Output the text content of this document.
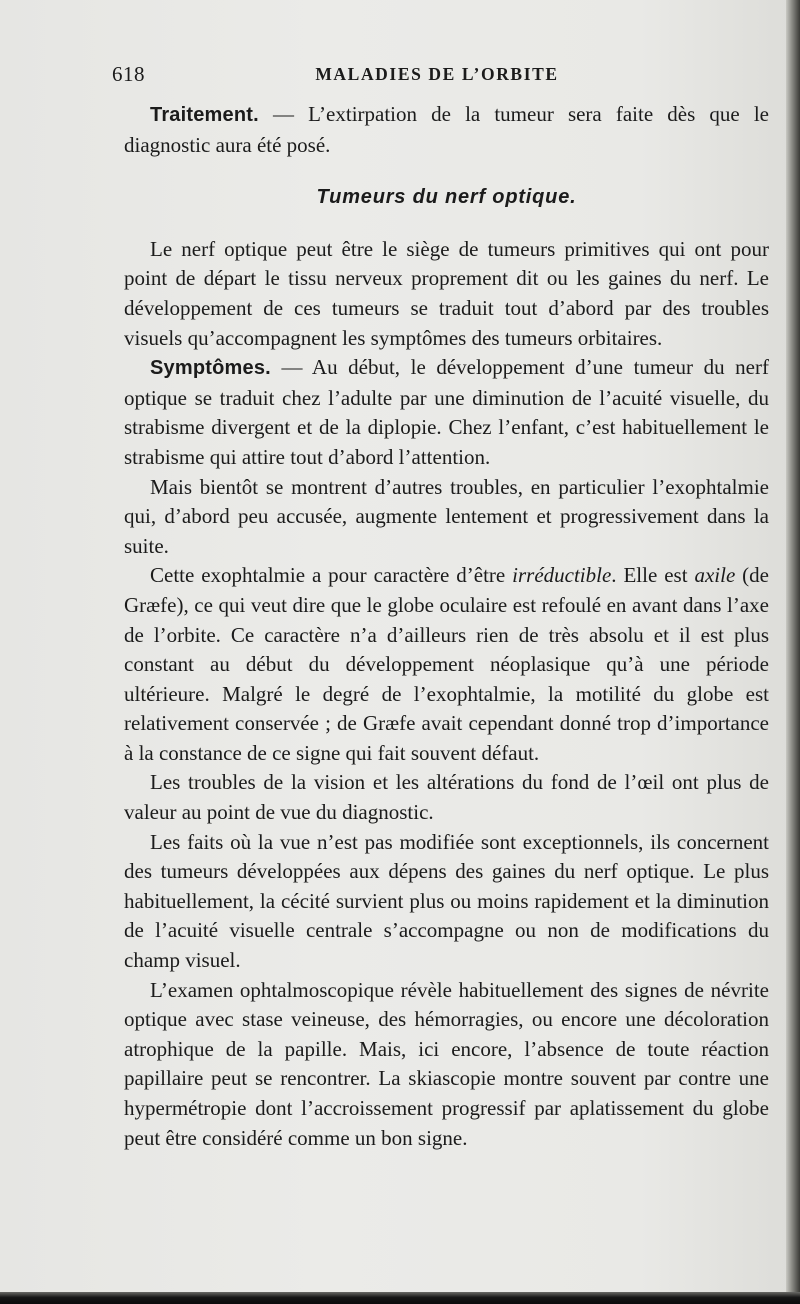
618	MALADIES DE L’ORBITE

Traitement. — L’extirpation de la tumeur sera faite dès que le diagnostic aura été posé.

Tumeurs du nerf optique.

Le nerf optique peut être le siège de tumeurs primitives qui ont pour point de départ le tissu nerveux proprement dit ou les gaines du nerf. Le développement de ces tumeurs se traduit tout d’abord par des troubles visuels qu’accompagnent les symptômes des tumeurs orbitaires.

Symptômes. — Au début, le développement d’une tumeur du nerf optique se traduit chez l’adulte par une diminution de l’acuité visuelle, du strabisme divergent et de la diplopie. Chez l’enfant, c’est habituellement le strabisme qui attire tout d’abord l’attention.

Mais bientôt se montrent d’autres troubles, en particulier l’exophtalmie qui, d’abord peu accusée, augmente lentement et progressivement dans la suite.

Cette exophtalmie a pour caractère d’être irréductible. Elle est axile (de Græfe), ce qui veut dire que le globe oculaire est refoulé en avant dans l’axe de l’orbite. Ce caractère n’a d’ailleurs rien de très absolu et il est plus constant au début du développement néoplasique qu’à une période ultérieure. Malgré le degré de l’exophtalmie, la motilité du globe est relativement conservée ; de Græfe avait cependant donné trop d’importance à la constance de ce signe qui fait souvent défaut.

Les troubles de la vision et les altérations du fond de l’œil ont plus de valeur au point de vue du diagnostic.

Les faits où la vue n’est pas modifiée sont exceptionnels, ils concernent des tumeurs développées aux dépens des gaines du nerf optique. Le plus habituellement, la cécité survient plus ou moins rapidement et la diminution de l’acuité visuelle centrale s’accompagne ou non de modifications du champ visuel.

L’examen ophtalmoscopique révèle habituellement des signes de névrite optique avec stase veineuse, des hémorragies, ou encore une décoloration atrophique de la papille. Mais, ici encore, l’absence de toute réaction papillaire peut se rencontrer. La skiascopie montre souvent par contre une hypermétropie dont l’accroissement progressif par aplatissement du globe peut être considéré comme un bon signe.
